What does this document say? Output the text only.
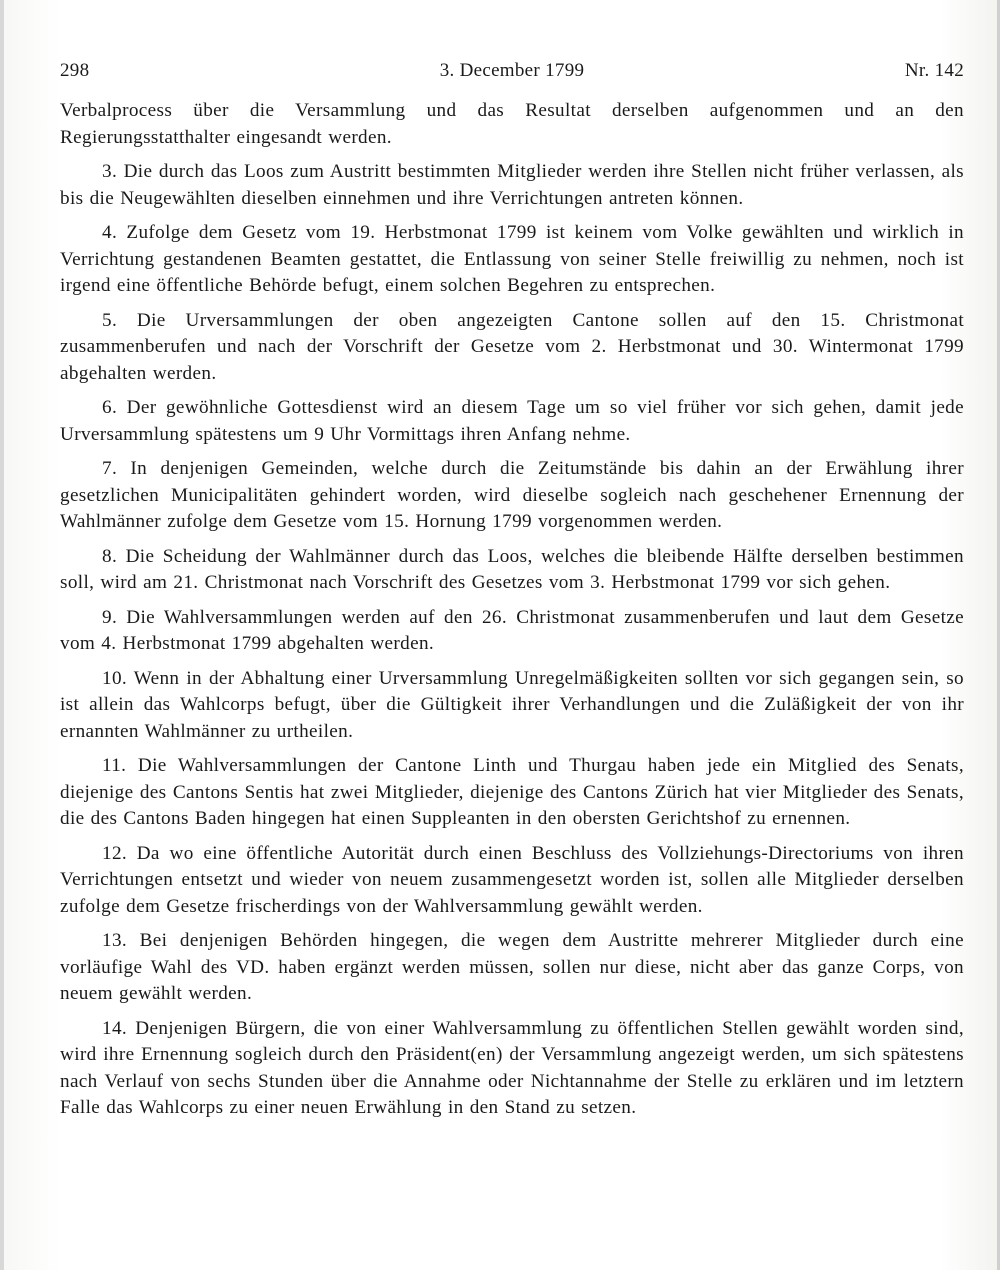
298	3. December 1799	Nr. 142

Verbalprocess über die Versammlung und das Resultat derselben aufgenommen und an den Regierungsstatthalter eingesandt werden.

3. Die durch das Loos zum Austritt bestimmten Mitglieder werden ihre Stellen nicht früher verlassen, als bis die Neugewählten dieselben einnehmen und ihre Verrichtungen antreten können.

4. Zufolge dem Gesetz vom 19. Herbstmonat 1799 ist keinem vom Volke gewählten und wirklich in Verrichtung gestandenen Beamten gestattet, die Entlassung von seiner Stelle freiwillig zu nehmen, noch ist irgend eine öffentliche Behörde befugt, einem solchen Begehren zu entsprechen.

5. Die Urversammlungen der oben angezeigten Cantone sollen auf den 15. Christmonat zusammenberufen und nach der Vorschrift der Gesetze vom 2. Herbstmonat und 30. Wintermonat 1799 abgehalten werden.

6. Der gewöhnliche Gottesdienst wird an diesem Tage um so viel früher vor sich gehen, damit jede Urversammlung spätestens um 9 Uhr Vormittags ihren Anfang nehme.

7. In denjenigen Gemeinden, welche durch die Zeitumstände bis dahin an der Erwählung ihrer gesetzlichen Municipalitäten gehindert worden, wird dieselbe sogleich nach geschehener Ernennung der Wahlmänner zufolge dem Gesetze vom 15. Hornung 1799 vorgenommen werden.

8. Die Scheidung der Wahlmänner durch das Loos, welches die bleibende Hälfte derselben bestimmen soll, wird am 21. Christmonat nach Vorschrift des Gesetzes vom 3. Herbstmonat 1799 vor sich gehen.

9. Die Wahlversammlungen werden auf den 26. Christmonat zusammenberufen und laut dem Gesetze vom 4. Herbstmonat 1799 abgehalten werden.

10. Wenn in der Abhaltung einer Urversammlung Unregelmäßigkeiten sollten vor sich gegangen sein, so ist allein das Wahlcorps befugt, über die Gültigkeit ihrer Verhandlungen und die Zuläßigkeit der von ihr ernannten Wahlmänner zu urtheilen.

11. Die Wahlversammlungen der Cantone Linth und Thurgau haben jede ein Mitglied des Senats, diejenige des Cantons Sentis hat zwei Mitglieder, diejenige des Cantons Zürich hat vier Mitglieder des Senats, die des Cantons Baden hingegen hat einen Suppleanten in den obersten Gerichtshof zu ernennen.

12. Da wo eine öffentliche Autorität durch einen Beschluss des Vollziehungs-Directoriums von ihren Verrichtungen entsetzt und wieder von neuem zusammengesetzt worden ist, sollen alle Mitglieder derselben zufolge dem Gesetze frischerdings von der Wahlversammlung gewählt werden.

13. Bei denjenigen Behörden hingegen, die wegen dem Austritte mehrerer Mitglieder durch eine vorläufige Wahl des VD. haben ergänzt werden müssen, sollen nur diese, nicht aber das ganze Corps, von neuem gewählt werden.

14. Denjenigen Bürgern, die von einer Wahlversammlung zu öffentlichen Stellen gewählt worden sind, wird ihre Ernennung sogleich durch den Präsident(en) der Versammlung angezeigt werden, um sich spätestens nach Verlauf von sechs Stunden über die Annahme oder Nichtannahme der Stelle zu erklären und im letztern Falle das Wahlcorps zu einer neuen Erwählung in den Stand zu setzen.
